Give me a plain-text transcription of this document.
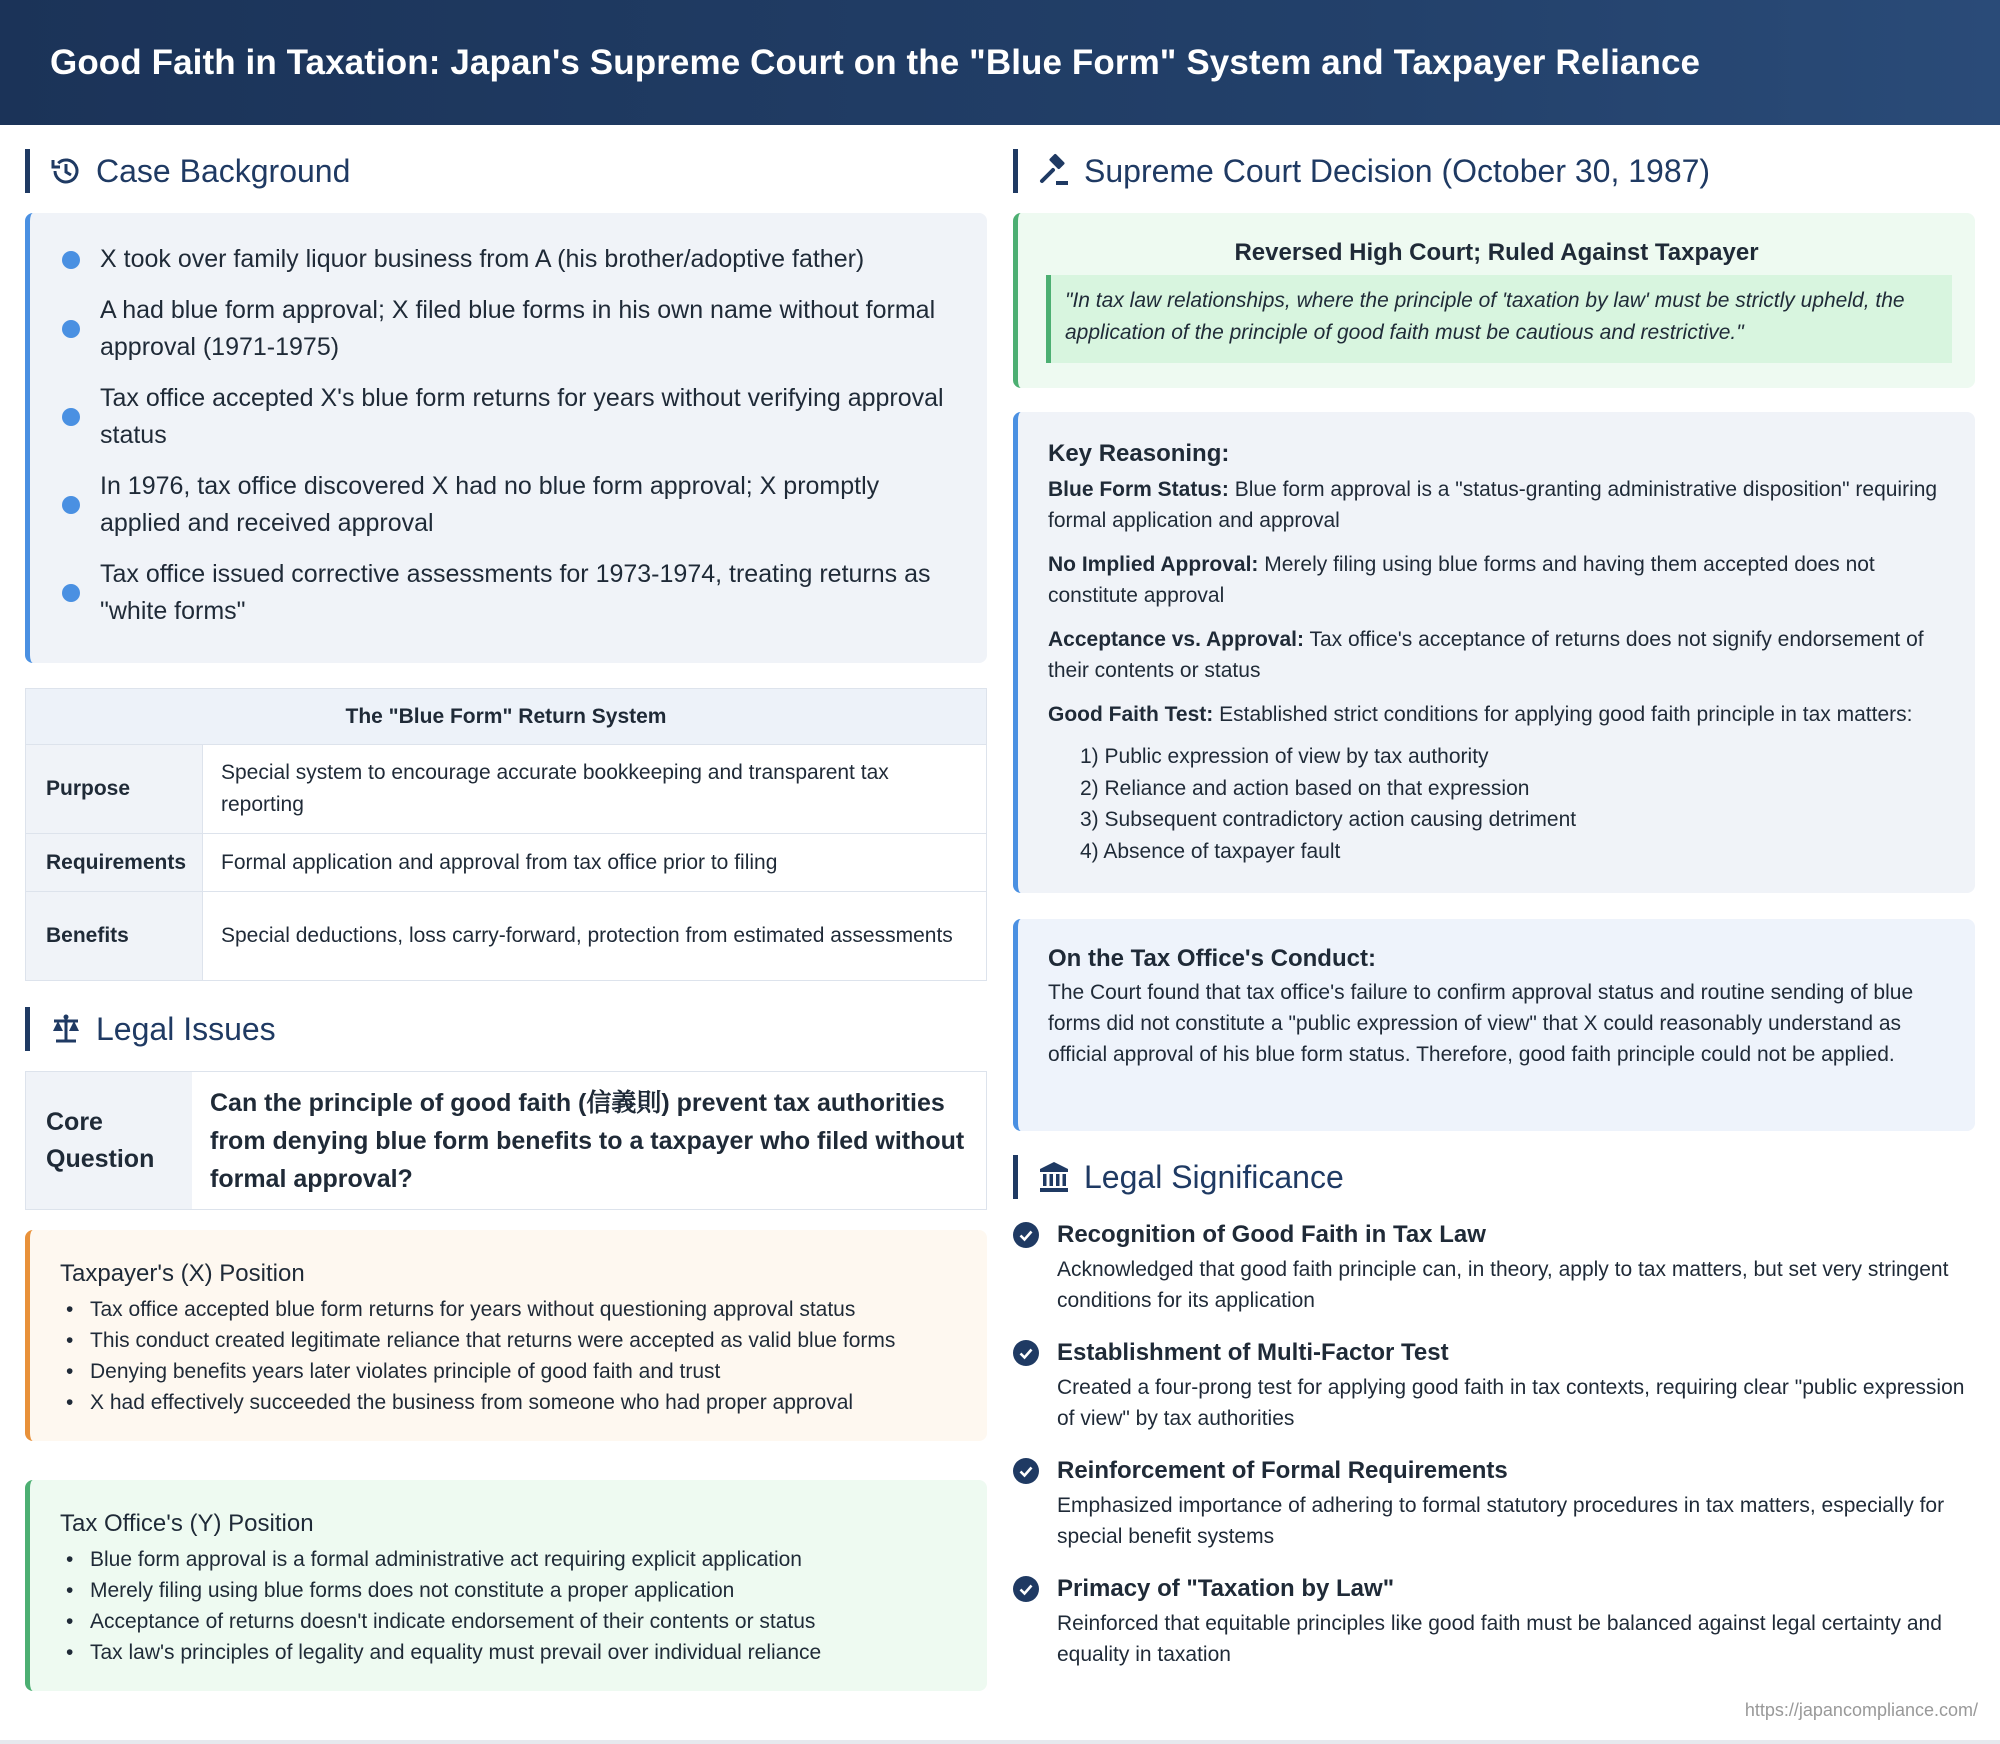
Good Faith in Taxation: Japan's Supreme Court on the "Blue Form" System and Taxpayer Reliance
Case Background
X took over family liquor business from A (his brother/adoptive father)
A had blue form approval; X filed blue forms in his own name without formal approval (1971-1975)
Tax office accepted X's blue form returns for years without verifying approval status
In 1976, tax office discovered X had no blue form approval; X promptly applied and received approval
Tax office issued corrective assessments for 1973-1974, treating returns as "white forms"
The "Blue Form" Return System	
Purpose	Special system to encourage accurate bookkeeping and transparent tax reporting
Requirements	Formal application and approval from tax office prior to filing
Benefits	Special deductions, loss carry-forward, protection from estimated assessments
Legal Issues
Core Question
Can the principle of good faith (信義則) prevent tax authorities from denying blue form benefits to a taxpayer who filed without formal approval?
Taxpayer's (X) Position
• Tax office accepted blue form returns for years without questioning approval status
• This conduct created legitimate reliance that returns were accepted as valid blue forms
• Denying benefits years later violates principle of good faith and trust
• X had effectively succeeded the business from someone who had proper approval
Tax Office's (Y) Position
• Blue form approval is a formal administrative act requiring explicit application
• Merely filing using blue forms does not constitute a proper application
• Acceptance of returns doesn't indicate endorsement of their contents or status
• Tax law's principles of legality and equality must prevail over individual reliance
Supreme Court Decision (October 30, 1987)
Reversed High Court; Ruled Against Taxpayer
"In tax law relationships, where the principle of 'taxation by law' must be strictly upheld, the application of the principle of good faith must be cautious and restrictive."
Key Reasoning:

Blue Form Status: Blue form approval is a "status-granting administrative disposition" requiring formal application and approval

No Implied Approval: Merely filing using blue forms and having them accepted does not constitute approval

Acceptance vs. Approval: Tax office's acceptance of returns does not signify endorsement of their contents or status

Good Faith Test: Established strict conditions for applying good faith principle in tax matters:

1) Public expression of view by tax authority
2) Reliance and action based on that expression
3) Subsequent contradictory action causing detriment
4) Absence of taxpayer fault
On the Tax Office's Conduct:

The Court found that tax office's failure to confirm approval status and routine sending of blue forms did not constitute a "public expression of view" that X could reasonably understand as official approval of his blue form status. Therefore, good faith principle could not be applied.

Legal Significance
Recognition of Good Faith in Tax Law

Acknowledged that good faith principle can, in theory, apply to tax matters, but set very stringent conditions for its application

Establishment of Multi-Factor Test

Created a four-prong test for applying good faith in tax contexts, requiring clear "public expression of view" by tax authorities

Reinforcement of Formal Requirements

Emphasized importance of adhering to formal statutory procedures in tax matters, especially for special benefit systems

Primacy of "Taxation by Law"

Reinforced that equitable principles like good faith must be balanced against legal certainty and equality in taxation

https://japancompliance.com/
